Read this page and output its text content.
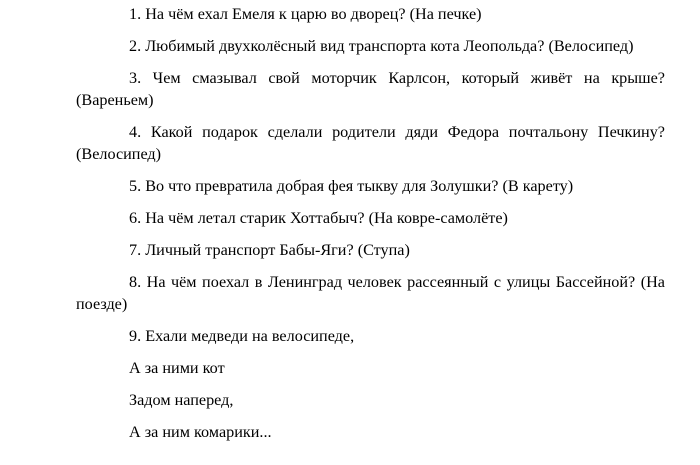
1. На чём ехал Емеля к царю во дворец? (На печке)

2. Любимый двухколёсный вид транспорта кота Леопольда? (Велосипед)

3. Чем смазывал свой моторчик Карлсон, который живёт на крыше? (Вареньем)

4. Какой подарок сделали родители дяди Федора почтальону Печкину? (Велосипед)

5. Во что превратила добрая фея тыкву для Золушки? (В карету)

6. На чём летал старик Хоттабыч? (На ковре-самолёте)

7. Личный транспорт Бабы-Яги? (Ступа)

8. На чём поехал в Ленинград человек рассеянный с улицы Бассейной? (На поезде)

9. Ехали медведи на велосипеде,

А за ними кот

Задом наперед,

А за ним комарики...
